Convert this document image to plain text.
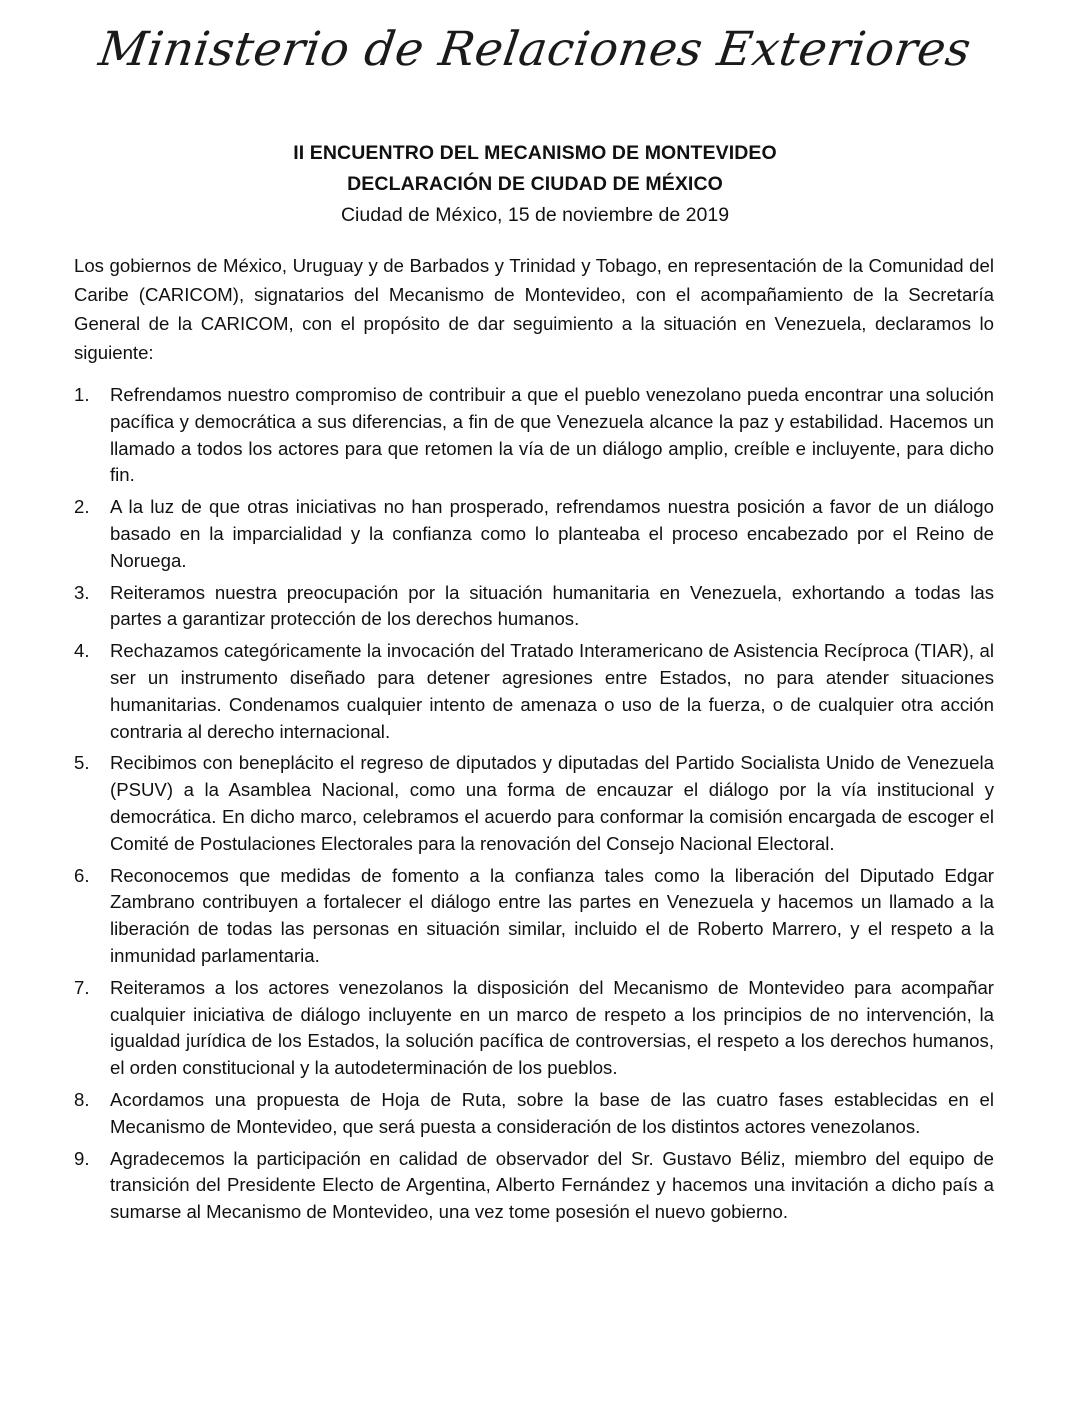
Ministerio de Relaciones Exteriores
II ENCUENTRO DEL MECANISMO DE MONTEVIDEO
DECLARACIÓN DE CIUDAD DE MÉXICO
Ciudad de México, 15 de noviembre de 2019

Los gobiernos de México, Uruguay y de Barbados y Trinidad y Tobago, en representación de la Comunidad del Caribe (CARICOM), signatarios del Mecanismo de Montevideo, con el acompañamiento de la Secretaría General de la CARICOM, con el propósito de dar seguimiento a la situación en Venezuela, declaramos lo siguiente:

1. Refrendamos nuestro compromiso de contribuir a que el pueblo venezolano pueda encontrar una solución pacífica y democrática a sus diferencias, a fin de que Venezuela alcance la paz y estabilidad. Hacemos un llamado a todos los actores para que retomen la vía de un diálogo amplio, creíble e incluyente, para dicho fin.
2. A la luz de que otras iniciativas no han prosperado, refrendamos nuestra posición a favor de un diálogo basado en la imparcialidad y la confianza como lo planteaba el proceso encabezado por el Reino de Noruega.
3. Reiteramos nuestra preocupación por la situación humanitaria en Venezuela, exhortando a todas las partes a garantizar protección de los derechos humanos.
4. Rechazamos categóricamente la invocación del Tratado Interamericano de Asistencia Recíproca (TIAR), al ser un instrumento diseñado para detener agresiones entre Estados, no para atender situaciones humanitarias. Condenamos cualquier intento de amenaza o uso de la fuerza, o de cualquier otra acción contraria al derecho internacional.
5. Recibimos con beneplácito el regreso de diputados y diputadas del Partido Socialista Unido de Venezuela (PSUV) a la Asamblea Nacional, como una forma de encauzar el diálogo por la vía institucional y democrática. En dicho marco, celebramos el acuerdo para conformar la comisión encargada de escoger el Comité de Postulaciones Electorales para la renovación del Consejo Nacional Electoral.
6. Reconocemos que medidas de fomento a la confianza tales como la liberación del Diputado Edgar Zambrano contribuyen a fortalecer el diálogo entre las partes en Venezuela y hacemos un llamado a la liberación de todas las personas en situación similar, incluido el de Roberto Marrero, y el respeto a la inmunidad parlamentaria.
7. Reiteramos a los actores venezolanos la disposición del Mecanismo de Montevideo para acompañar cualquier iniciativa de diálogo incluyente en un marco de respeto a los principios de no intervención, la igualdad jurídica de los Estados, la solución pacífica de controversias, el respeto a los derechos humanos, el orden constitucional y la autodeterminación de los pueblos.
8. Acordamos una propuesta de Hoja de Ruta, sobre la base de las cuatro fases establecidas en el Mecanismo de Montevideo, que será puesta a consideración de los distintos actores venezolanos.
9. Agradecemos la participación en calidad de observador del Sr. Gustavo Béliz, miembro del equipo de transición del Presidente Electo de Argentina, Alberto Fernández y hacemos una invitación a dicho país a sumarse al Mecanismo de Montevideo, una vez tome posesión el nuevo gobierno.
